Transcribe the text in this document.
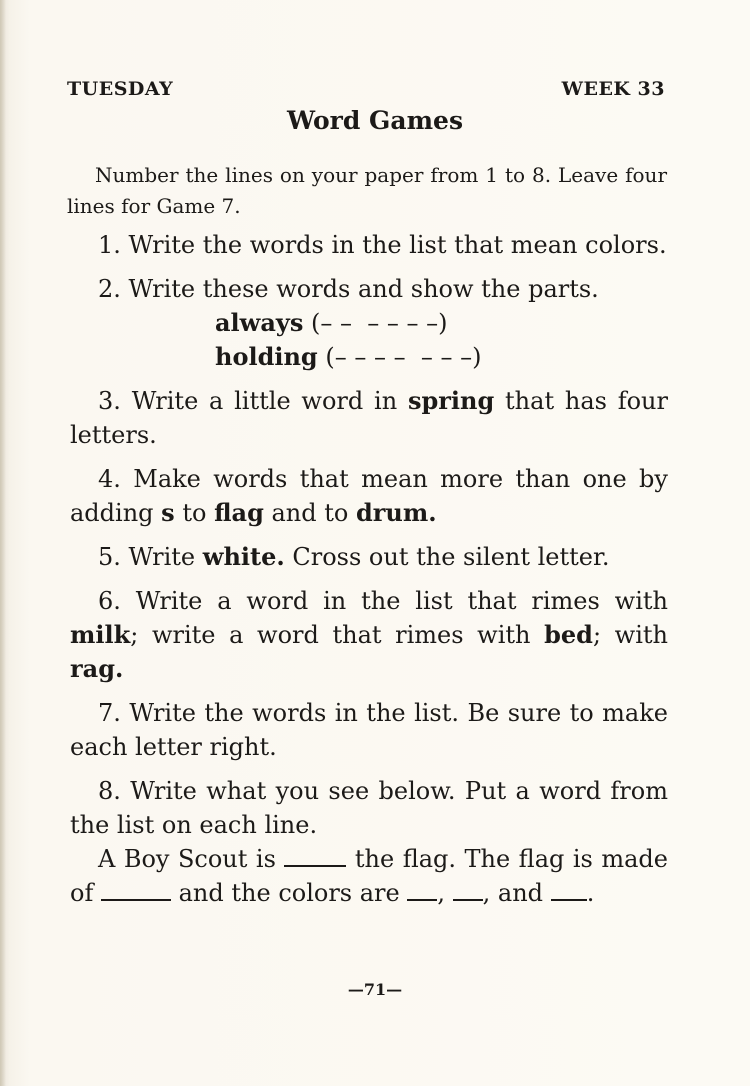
TUESDAY	WEEK 33
Word Games
Number the lines on your paper from 1 to 8. Leave four lines for Game 7.
1. Write the words in the list that mean colors.
2. Write these words and show the parts.
always (– –  – – – –)
holding (– – – –  – – –)
3. Write a little word in spring that has four letters.
4. Make words that mean more than one by adding s to flag and to drum.
5. Write white. Cross out the silent letter.
6. Write a word in the list that rimes with milk; write a word that rimes with bed; with rag.
7. Write the words in the list. Be sure to make each letter right.
8. Write what you see below. Put a word from the list on each line.
A Boy Scout is	the flag. The flag is made of	and the colors are , , and .
—71—
